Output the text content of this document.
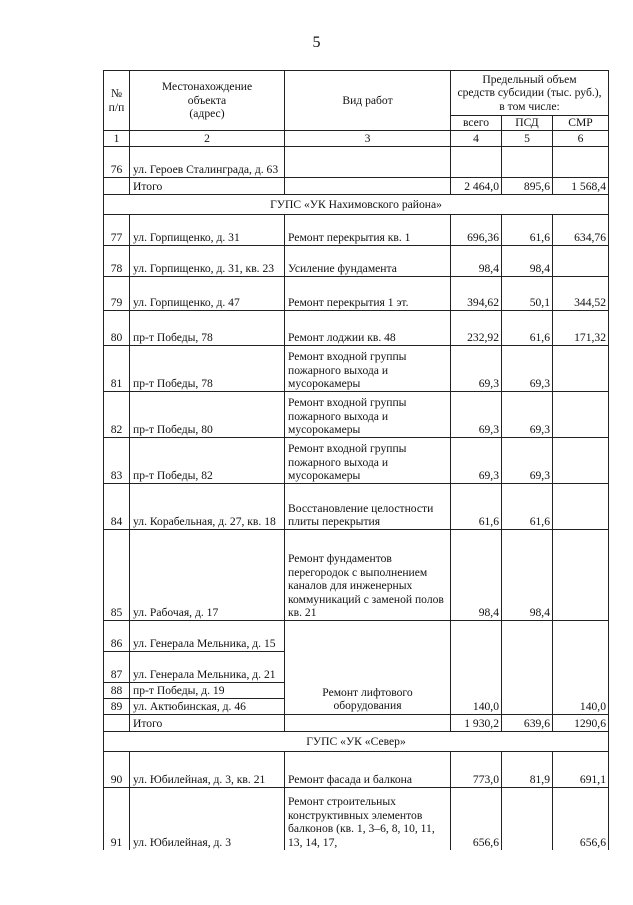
5
№
п/п	Местонахождение
объекта
(адрес)	Вид работ	Предельный объем
средств субсидии (тыс. руб.),
в том числе:		
			всего	ПСД	СМР
1	2	3	4	5	6
76	ул. Героев Сталинграда, д. 63				
	Итого		2 464,0	895,6	1 568,4
ГУПС «УК Нахимовского района»					
77	ул. Горпищенко, д. 31	Ремонт перекрытия кв. 1	696,36	61,6	634,76
78	ул. Горпищенко, д. 31, кв. 23	Усиление фундамента	98,4	98,4	
79	ул. Горпищенко, д. 47	Ремонт перекрытия 1 эт.	394,62	50,1	344,52
80	пр-т Победы, 78	Ремонт лоджии кв. 48	232,92	61,6	171,32
81	пр-т Победы, 78	Ремонт входной группы пожарного выхода и мусорокамеры	69,3	69,3	
82	пр-т Победы, 80	Ремонт входной группы пожарного выхода и мусорокамеры	69,3	69,3	
83	пр-т Победы, 82	Ремонт входной группы пожарного выхода и мусорокамеры	69,3	69,3	
84	ул. Корабельная, д. 27, кв. 18	Восстановление целостности плиты перекрытия	61,6	61,6	
85	ул. Рабочая, д. 17	Ремонт фундаментов перегородок с выполнением каналов для инженерных коммуникаций с заменой полов кв. 21	98,4	98,4	
86	ул. Генерала Мельника, д. 15	Ремонт лифтового оборудования	140,0		140,0
87	ул. Генерала Мельника, д. 21				
88	пр-т Победы, д. 19				
89	ул. Актюбинская, д. 46				
	Итого		1 930,2	639,6	1290,6
ГУПС «УК «Север»					
90	ул. Юбилейная, д. 3, кв. 21	Ремонт фасада и балкона	773,0	81,9	691,1
91	ул. Юбилейная, д. 3	Ремонт строительных конструктивных элементов балконов (кв. 1, 3–6, 8, 10, 11, 13, 14, 17,	656,6		656,6
